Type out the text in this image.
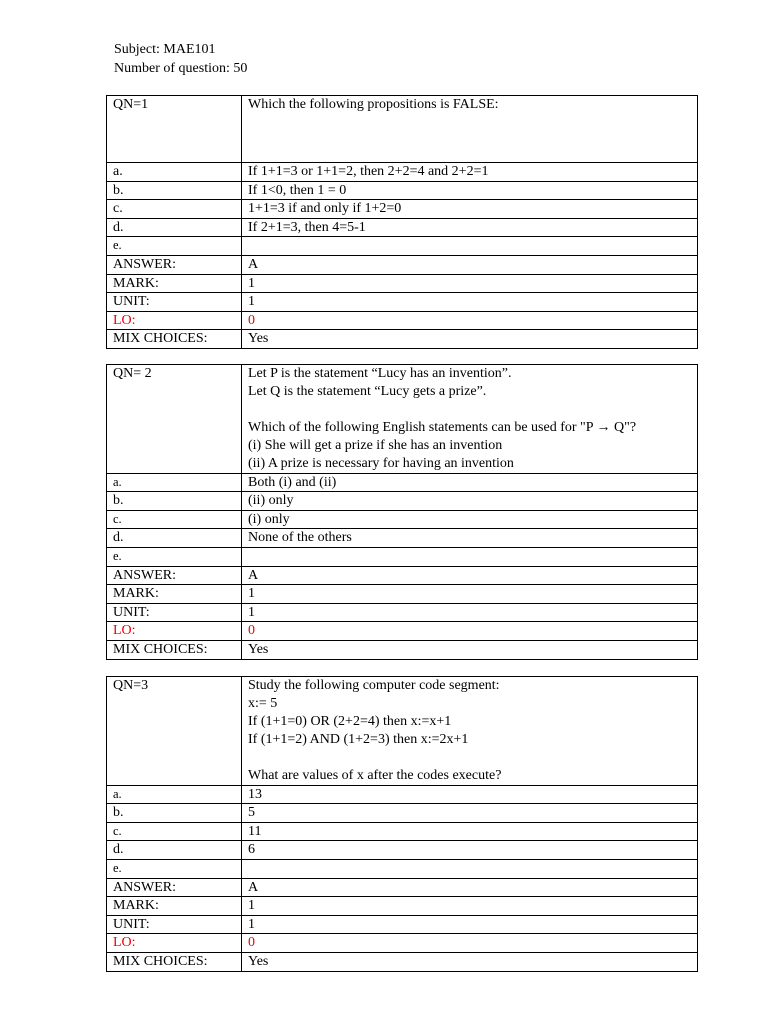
Subject: MAE101
Number of question: 50
QN=1	Which the following propositions is FALSE:

a.	If 1+1=3 or 1+1=2, then 2+2=4 and 2+2=1
b.	If 1<0, then 1 = 0
c.	1+1=3 if and only if 1+2=0
d.	If 2+1=3, then 4=5-1
e.	
ANSWER:	A
MARK:	1
UNIT:	1
LO:	0
MIX CHOICES:	Yes
QN= 2	Let P is the statement “Lucy has an invention”.
Let Q is the statement “Lucy gets a prize”.
Which of the following English statements can be used for "P → Q"?
(i) She will get a prize if she has an invention
(ii) A prize is necessary for having an invention

a.	Both (i) and (ii)
b.	(ii) only
c.	(i) only
d.	None of the others
e.	
ANSWER:	A
MARK:	1
UNIT:	1
LO:	0
MIX CHOICES:	Yes
QN=3	Study the following computer code segment:
x:= 5
If (1+1=0) OR (2+2=4) then x:=x+1
If (1+1=2) AND (1+2=3) then x:=2x+1
What are values of x after the codes execute?

a.	13
b.	5
c.	11
d.	6
e.	
ANSWER:	A
MARK:	1
UNIT:	1
LO:	0
MIX CHOICES:	Yes
